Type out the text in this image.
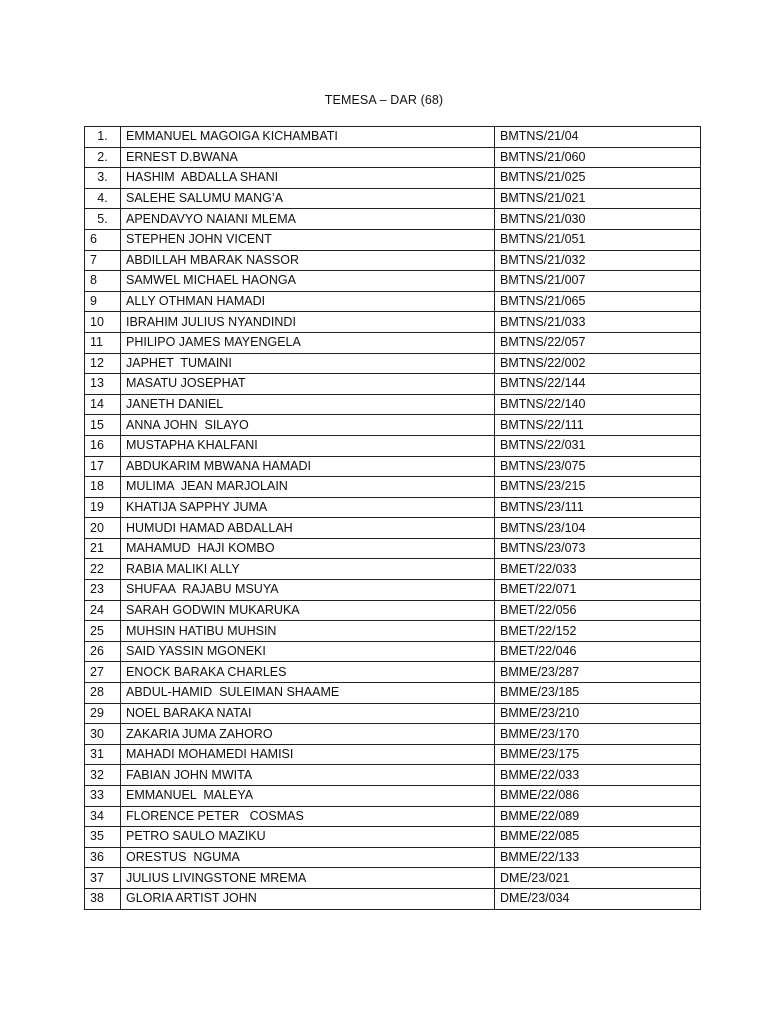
TEMESA – DAR (68)
1.	EMMANUEL MAGOIGA KICHAMBATI	BMTNS/21/04
2.	ERNEST D.BWANA	BMTNS/21/060
3.	HASHIM  ABDALLA SHANI	BMTNS/21/025
4.	SALEHE SALUMU MANG’A	BMTNS/21/021
5.	APENDAVYO NAIANI MLEMA	BMTNS/21/030
6	STEPHEN JOHN VICENT	BMTNS/21/051
7	ABDILLAH MBARAK NASSOR	BMTNS/21/032
8	SAMWEL MICHAEL HAONGA	BMTNS/21/007
9	ALLY OTHMAN HAMADI	BMTNS/21/065
10	IBRAHIM JULIUS NYANDINDI	BMTNS/21/033
11	PHILIPO JAMES MAYENGELA	BMTNS/22/057
12	JAPHET  TUMAINI	BMTNS/22/002
13	MASATU JOSEPHAT	BMTNS/22/144
14	JANETH DANIEL	BMTNS/22/140
15	ANNA JOHN  SILAYO	BMTNS/22/111
16	MUSTAPHA KHALFANI	BMTNS/22/031
17	ABDUKARIM MBWANA HAMADI	BMTNS/23/075
18	MULIMA  JEAN MARJOLAIN	BMTNS/23/215
19	KHATIJA SAPPHY JUMA	BMTNS/23/111
20	HUMUDI HAMAD ABDALLAH	BMTNS/23/104
21	MAHAMUD  HAJI KOMBO	BMTNS/23/073
22	RABIA MALIKI ALLY	BMET/22/033
23	SHUFAA  RAJABU MSUYA	BMET/22/071
24	SARAH GODWIN MUKARUKA	BMET/22/056
25	MUHSIN HATIBU MUHSIN	BMET/22/152
26	SAID YASSIN MGONEKI	BMET/22/046
27	ENOCK BARAKA CHARLES	BMME/23/287
28	ABDUL-HAMID  SULEIMAN SHAAME	BMME/23/185
29	NOEL BARAKA NATAI	BMME/23/210
30	ZAKARIA JUMA ZAHORO	BMME/23/170
31	MAHADI MOHAMEDI HAMISI	BMME/23/175
32	FABIAN JOHN MWITA	BMME/22/033
33	EMMANUEL  MALEYA	BMME/22/086
34	FLORENCE PETER   COSMAS	BMME/22/089
35	PETRO SAULO MAZIKU	BMME/22/085
36	ORESTUS  NGUMA	BMME/22/133
37	JULIUS LIVINGSTONE MREMA	DME/23/021
38	GLORIA ARTIST JOHN	DME/23/034
